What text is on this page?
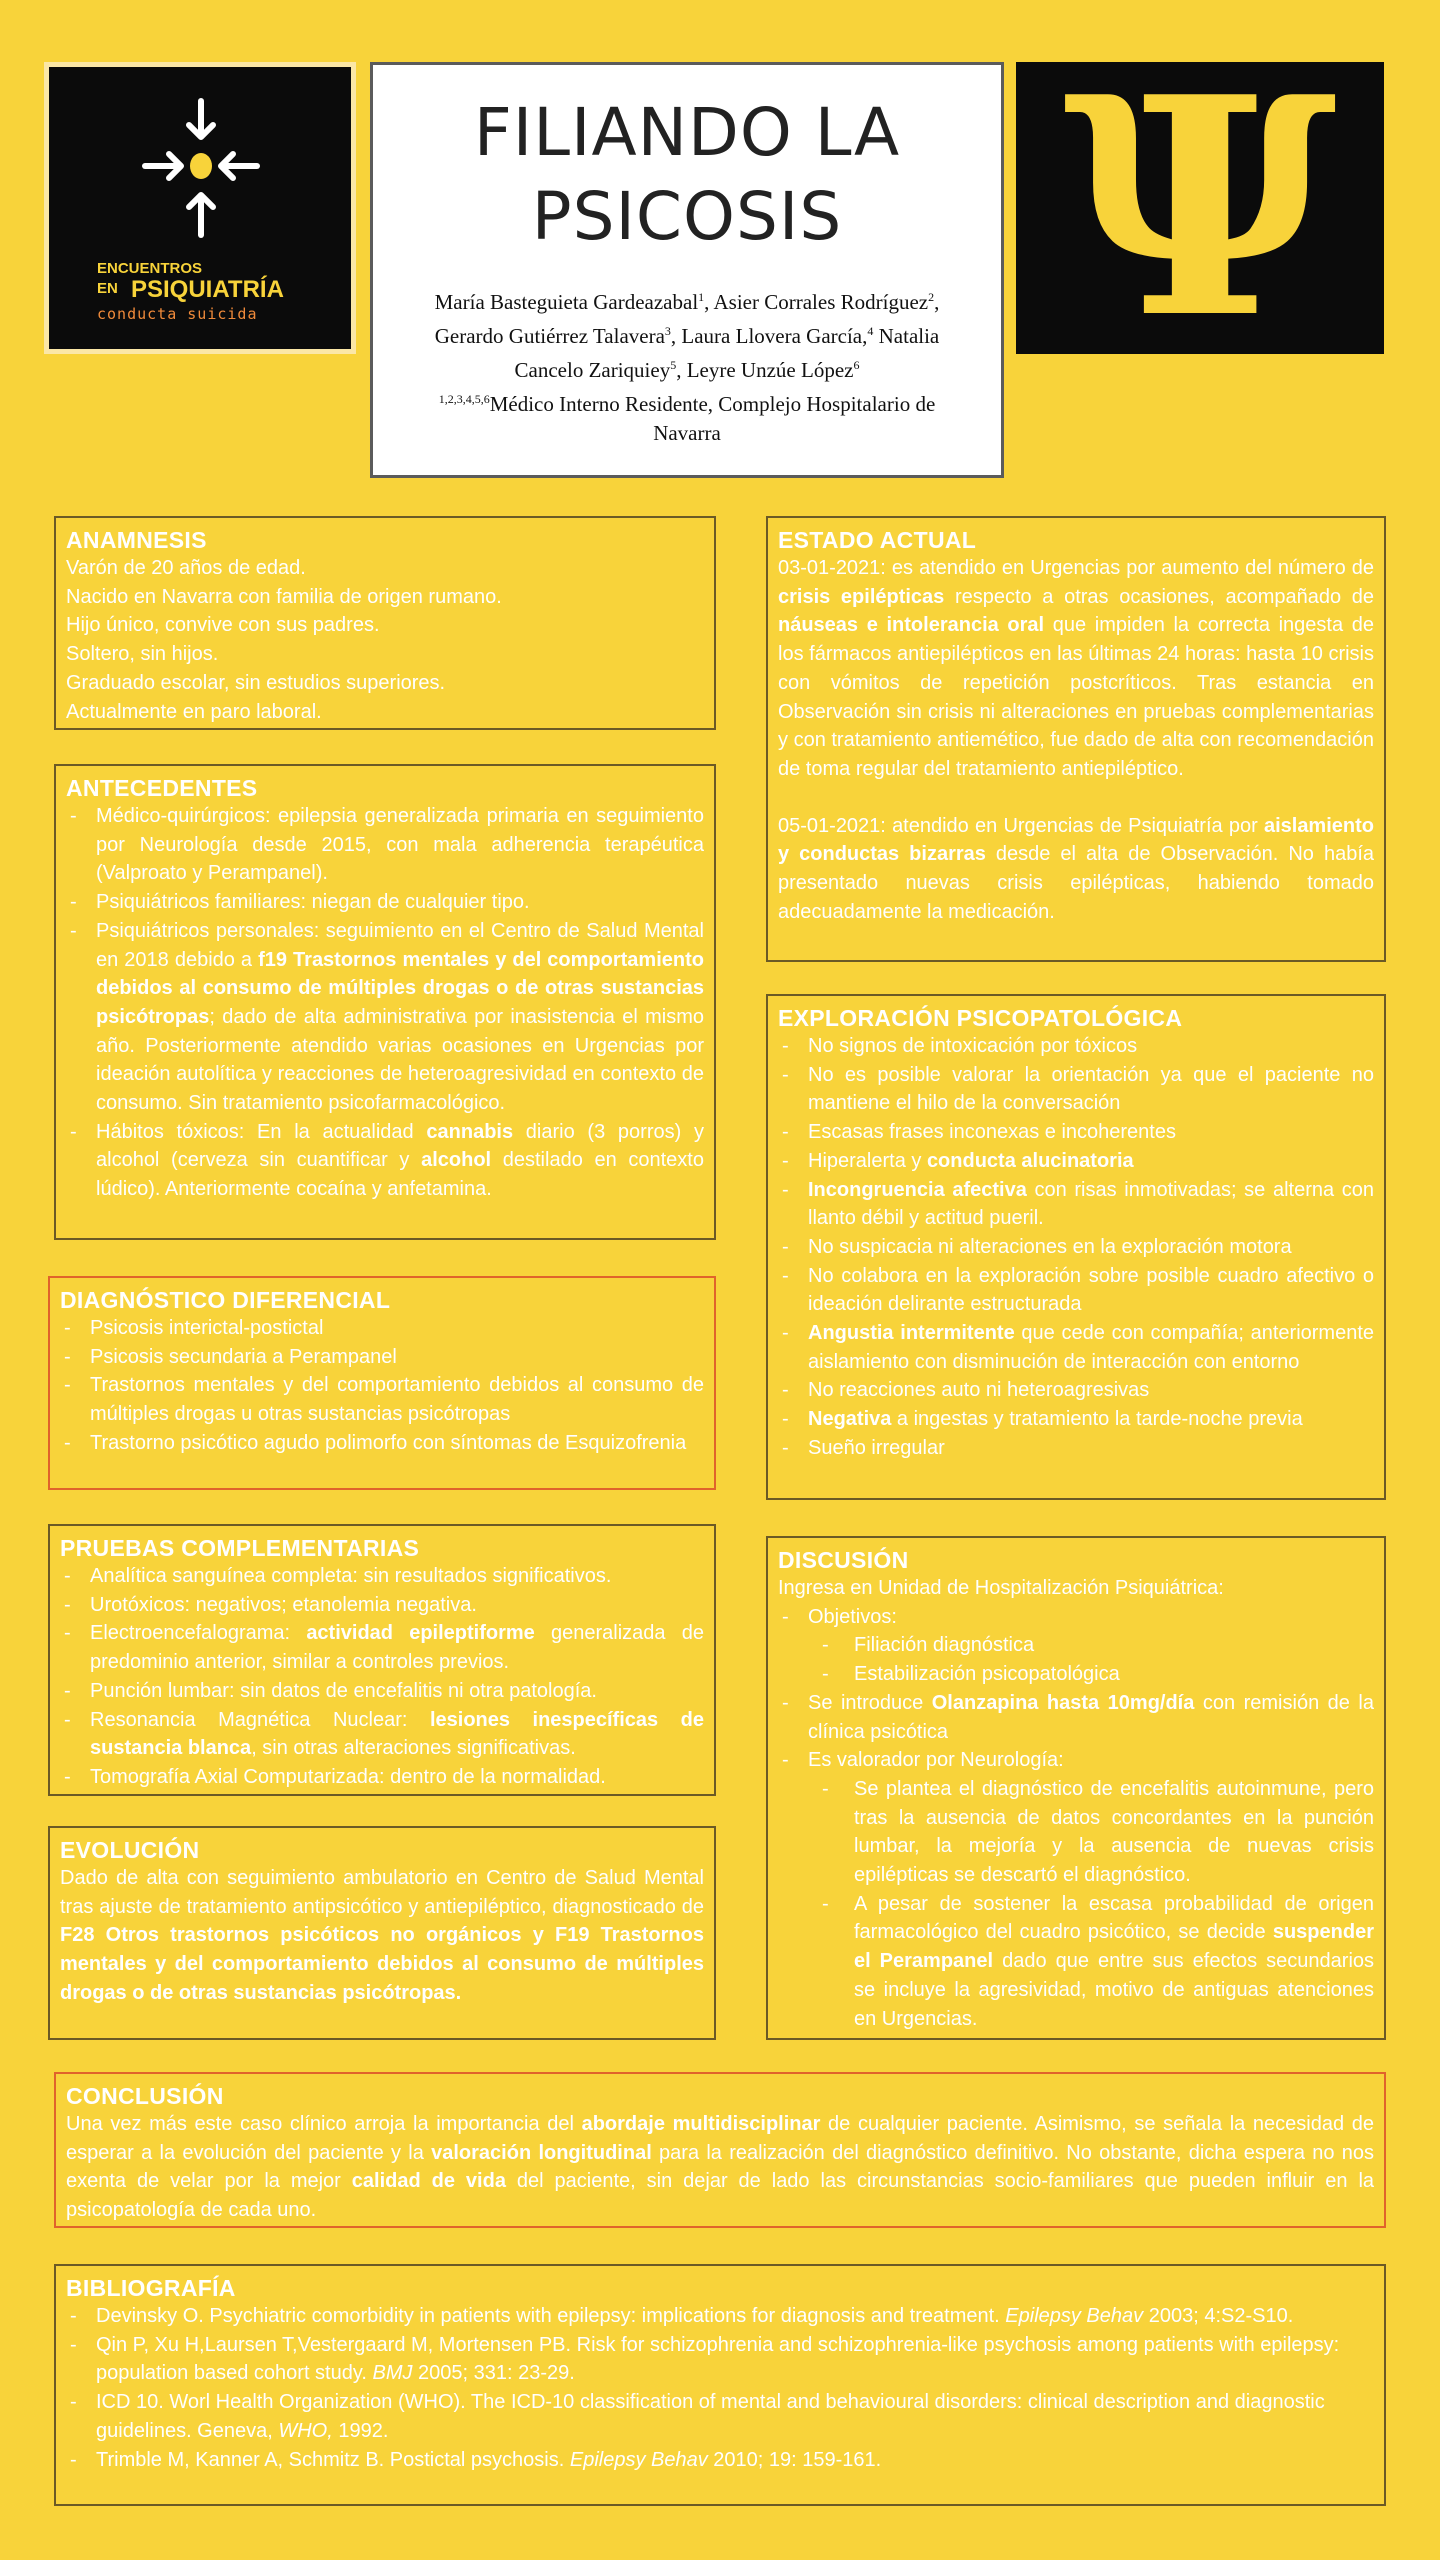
ENCUENTROS
EN PSIQUIATRÍA
conducta suicida
FILIANDO LA
PSICOSIS
María Basteguieta Gardeazabal$^1$, Asier Corrales Rodríguez$^2$, Gerardo Gutiérrez Talavera$^3$, Laura Llovera García,$^4$ Natalia Cancelo Zariquiey$^5$, Leyre Unzúe López$^6$
$^{1,2,3,4,5,6}$Médico Interno Residente, Complejo Hospitalario de Navarra
Ψ
ANAMNESIS

Varón de 20 años de edad.

Nacido en Navarra con familia de origen rumano.

Hijo único, convive con sus padres.

Soltero, sin hijos.

Graduado escolar, sin estudios superiores.

Actualmente en paro laboral.

ANTECEDENTES
- Médico-quirúrgicos: epilepsia generalizada primaria en seguimiento por Neurología desde 2015, con mala adherencia terapéutica (Valproato y Perampanel).
- Psiquiátricos familiares: niegan de cualquier tipo.
- Psiquiátricos personales: seguimiento en el Centro de Salud Mental en 2018 debido a f19 Trastornos mentales y del comportamiento debidos al consumo de múltiples drogas o de otras sustancias psicótropas; dado de alta administrativa por inasistencia el mismo año. Posteriormente atendido varias ocasiones en Urgencias por ideación autolítica y reacciones de heteroagresividad en contexto de consumo. Sin tratamiento psicofarmacológico.
- Hábitos tóxicos: En la actualidad cannabis diario (3 porros) y alcohol (cerveza sin cuantificar y alcohol destilado en contexto lúdico). Anteriormente cocaína y anfetamina.
DIAGNÓSTICO DIFERENCIAL
- Psicosis interictal-postictal
- Psicosis secundaria a Perampanel
- Trastornos mentales y del comportamiento debidos al consumo de múltiples drogas u otras sustancias psicótropas
- Trastorno psicótico agudo polimorfo con síntomas de Esquizofrenia
PRUEBAS COMPLEMENTARIAS
- Analítica sanguínea completa: sin resultados significativos.
- Urotóxicos: negativos; etanolemia negativa.
- Electroencefalograma: actividad epileptiforme generalizada de predominio anterior, similar a controles previos.
- Punción lumbar: sin datos de encefalitis ni otra patología.
- Resonancia Magnética Nuclear: lesiones inespecíficas de sustancia blanca, sin otras alteraciones significativas.
- Tomografía Axial Computarizada: dentro de la normalidad.
EVOLUCIÓN

Dado de alta con seguimiento ambulatorio en Centro de Salud Mental tras ajuste de tratamiento antipsicótico y antiepiléptico, diagnosticado de F28 Otros trastornos psicóticos no orgánicos y F19 Trastornos mentales y del comportamiento debidos al consumo de múltiples drogas o de otras sustancias psicótropas.

ESTADO ACTUAL

03-01-2021: es atendido en Urgencias por aumento del número de crisis epilépticas respecto a otras ocasiones, acompañado de náuseas e intolerancia oral que impiden la correcta ingesta de los fármacos antiepilépticos en las últimas 24 horas: hasta 10 crisis con vómitos de repetición postcríticos. Tras estancia en Observación sin crisis ni alteraciones en pruebas complementarias y con tratamiento antiemético, fue dado de alta con recomendación de toma regular del tratamiento antiepiléptico.

05-01-2021: atendido en Urgencias de Psiquiatría por aislamiento y conductas bizarras desde el alta de Observación. No había presentado nuevas crisis epilépticas, habiendo tomado adecuadamente la medicación.

EXPLORACIÓN PSICOPATOLÓGICA
- No signos de intoxicación por tóxicos
- No es posible valorar la orientación ya que el paciente no mantiene el hilo de la conversación
- Escasas frases inconexas e incoherentes
- Hiperalerta y conducta alucinatoria
- Incongruencia afectiva con risas inmotivadas; se alterna con llanto débil y actitud pueril.
- No suspicacia ni alteraciones en la exploración motora
- No colabora en la exploración sobre posible cuadro afectivo o ideación delirante estructurada
- Angustia intermitente que cede con compañía; anteriormente aislamiento con disminución de interacción con entorno
- No reacciones auto ni heteroagresivas
- Negativa a ingestas y tratamiento la tarde-noche previa
- Sueño irregular
DISCUSIÓN

Ingresa en Unidad de Hospitalización Psiquiátrica:

- Objetivos:
- Filiación diagnóstica
- Estabilización psicopatológica
- Se introduce Olanzapina hasta 10mg/día con remisión de la clínica psicótica
- Es valorador por Neurología:
- Se plantea el diagnóstico de encefalitis autoinmune, pero tras la ausencia de datos concordantes en la punción lumbar, la mejoría y la ausencia de nuevas crisis epilépticas se descartó el diagnóstico.
- A pesar de sostener la escasa probabilidad de origen farmacológico del cuadro psicótico, se decide suspender el Perampanel dado que entre sus efectos secundarios se incluye la agresividad, motivo de antiguas atenciones en Urgencias.
CONCLUSIÓN

Una vez más este caso clínico arroja la importancia del abordaje multidisciplinar de cualquier paciente. Asimismo, se señala la necesidad de esperar a la evolución del paciente y la valoración longitudinal para la realización del diagnóstico definitivo. No obstante, dicha espera no nos exenta de velar por la mejor calidad de vida del paciente, sin dejar de lado las circunstancias socio-familiares que pueden influir en la psicopatología de cada uno.

BIBLIOGRAFÍA
- Devinsky O. Psychiatric comorbidity in patients with epilepsy: implications for diagnosis and treatment. Epilepsy Behav 2003; 4:S2-S10.
- Qin P, Xu H,Laursen T,Vestergaard M, Mortensen PB. Risk for schizophrenia and schizophrenia-like psychosis among patients with epilepsy: population based cohort study. BMJ 2005; 331: 23-29.
- ICD 10. Worl Health Organization (WHO). The ICD-10 classification of mental and behavioural disorders: clinical description and diagnostic guidelines. Geneva, WHO, 1992.
- Trimble M, Kanner A, Schmitz B. Postictal psychosis. Epilepsy Behav 2010; 19: 159-161.
